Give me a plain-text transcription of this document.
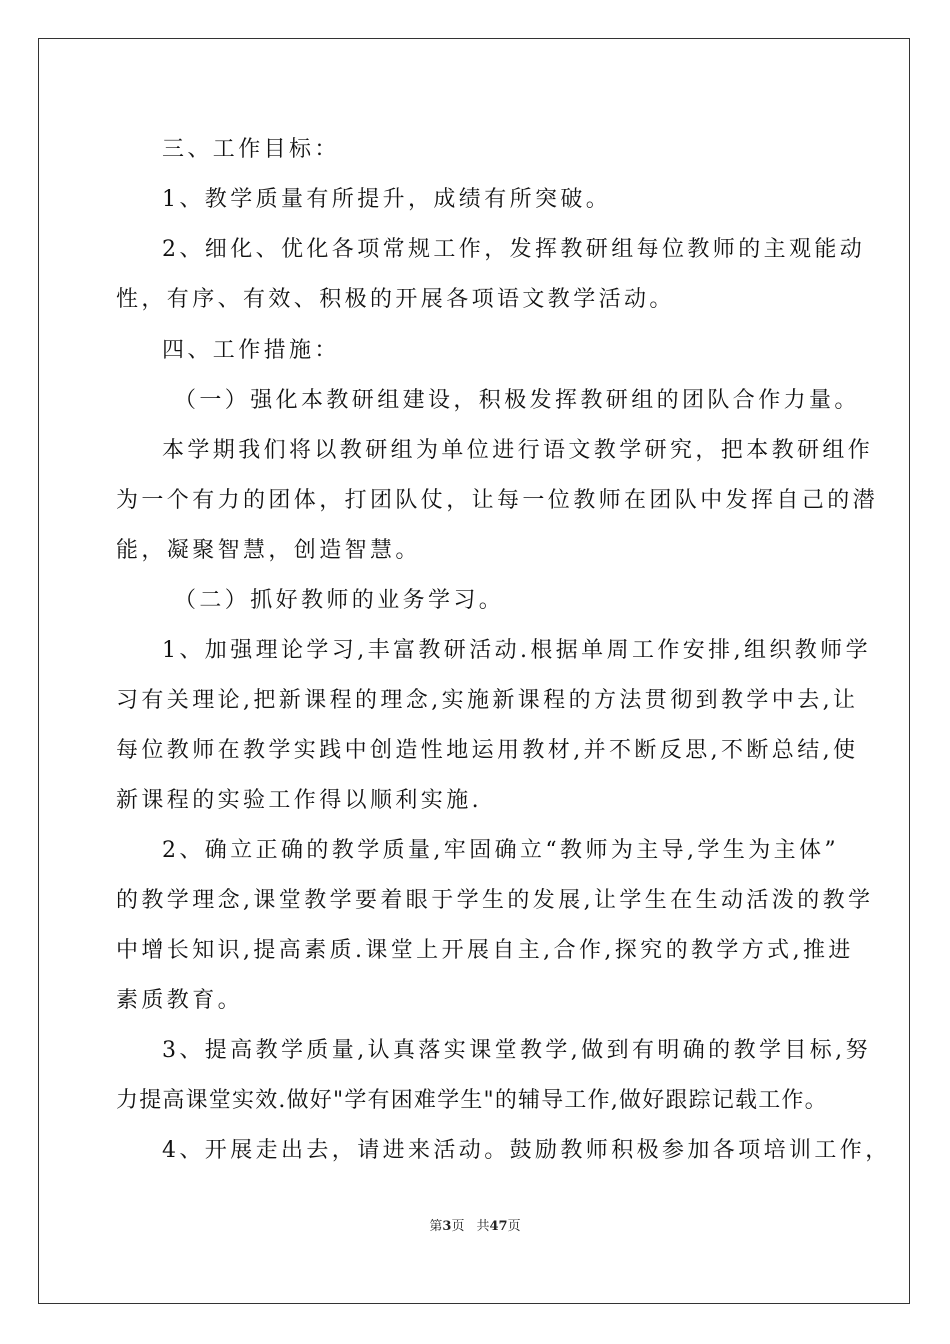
三、工作目标：
1、教学质量有所提升，成绩有所突破。
2、细化、优化各项常规工作，发挥教研组每位教师的主观能动
性，有序、有效、积极的开展各项语文教学活动。
四、工作措施：
（一）强化本教研组建设，积极发挥教研组的团队合作力量。
本学期我们将以教研组为单位进行语文教学研究，把本教研组作
为一个有力的团体，打团队仗，让每一位教师在团队中发挥自己的潜
能，凝聚智慧，创造智慧。
（二）抓好教师的业务学习。
1、加强理论学习,丰富教研活动.根据单周工作安排,组织教师学
习有关理论,把新课程的理念,实施新课程的方法贯彻到教学中去,让
每位教师在教学实践中创造性地运用教材,并不断反思,不断总结,使
新课程的实验工作得以顺利实施.
2、确立正确的教学质量,牢固确立“教师为主导,学生为主体”
的教学理念,课堂教学要着眼于学生的发展,让学生在生动活泼的教学
中增长知识,提高素质.课堂上开展自主,合作,探究的教学方式,推进
素质教育。
3、提高教学质量,认真落实课堂教学,做到有明确的教学目标,努
力提高课堂实效.做好"学有困难学生"的辅导工作,做好跟踪记载工作。
4、开展走出去，请进来活动。鼓励教师积极参加各项培训工作，
第3页 共47页
